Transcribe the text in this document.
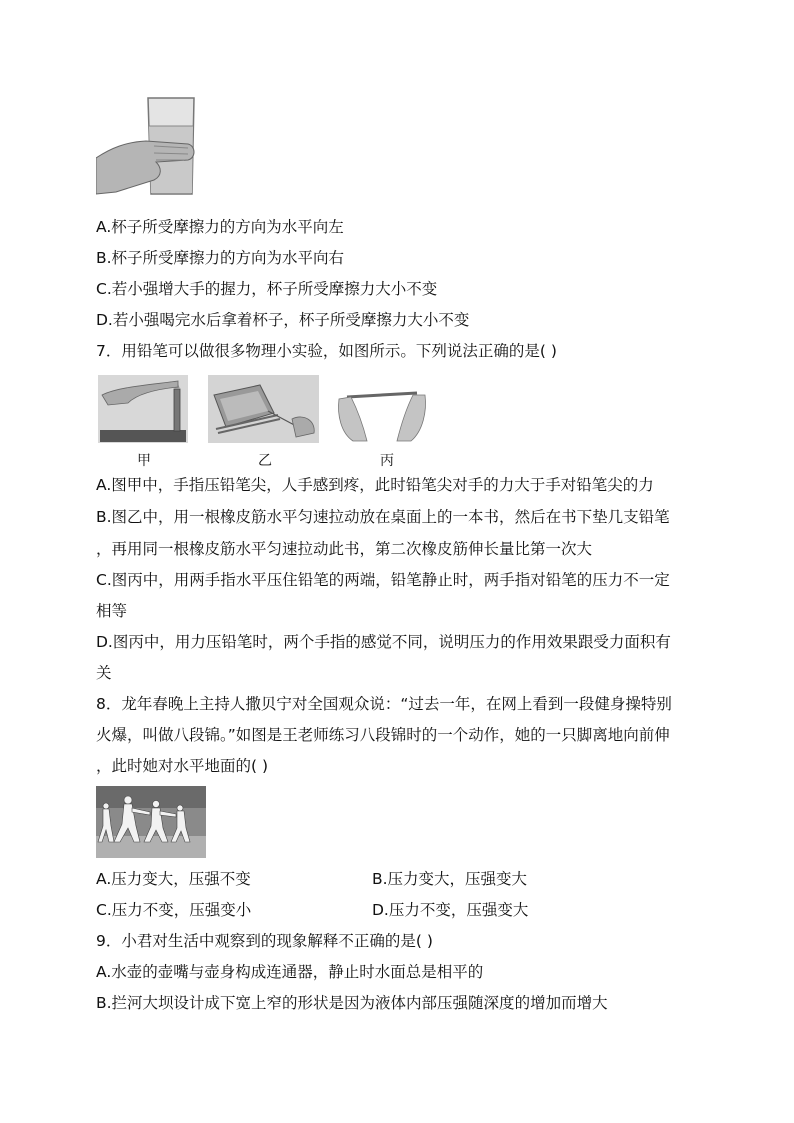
A.杯子所受摩擦力的方向为水平向左
B.杯子所受摩擦力的方向为水平向右
C.若小强增大手的握力，杯子所受摩擦力大小不变
D.若小强喝完水后拿着杯子，杯子所受摩擦力大小不变
7．用铅笔可以做很多物理小实验，如图所示。下列说法正确的是( )
甲	乙	丙
A.图甲中，手指压铅笔尖，人手感到疼，此时铅笔尖对手的力大于手对铅笔尖的力
B.图乙中，用一根橡皮筋水平匀速拉动放在桌面上的一本书，然后在书下垫几支铅笔
，再用同一根橡皮筋水平匀速拉动此书，第二次橡皮筋伸长量比第一次大
C.图丙中，用两手指水平压住铅笔的两端，铅笔静止时，两手指对铅笔的压力不一定
相等
D.图丙中，用力压铅笔时，两个手指的感觉不同，说明压力的作用效果跟受力面积有
关
8．龙年春晚上主持人撒贝宁对全国观众说：“过去一年，在网上看到一段健身操特别
火爆，叫做八段锦。”如图是王老师练习八段锦时的一个动作，她的一只脚离地向前伸
，此时她对水平地面的( )
A.压力变大，压强不变	B.压力变大，压强变大
C.压力不变，压强变小	D.压力不变，压强变大
9．小君对生活中观察到的现象解释不正确的是( )
A.水壶的壶嘴与壶身构成连通器，静止时水面总是相平的
B.拦河大坝设计成下宽上窄的形状是因为液体内部压强随深度的增加而增大
